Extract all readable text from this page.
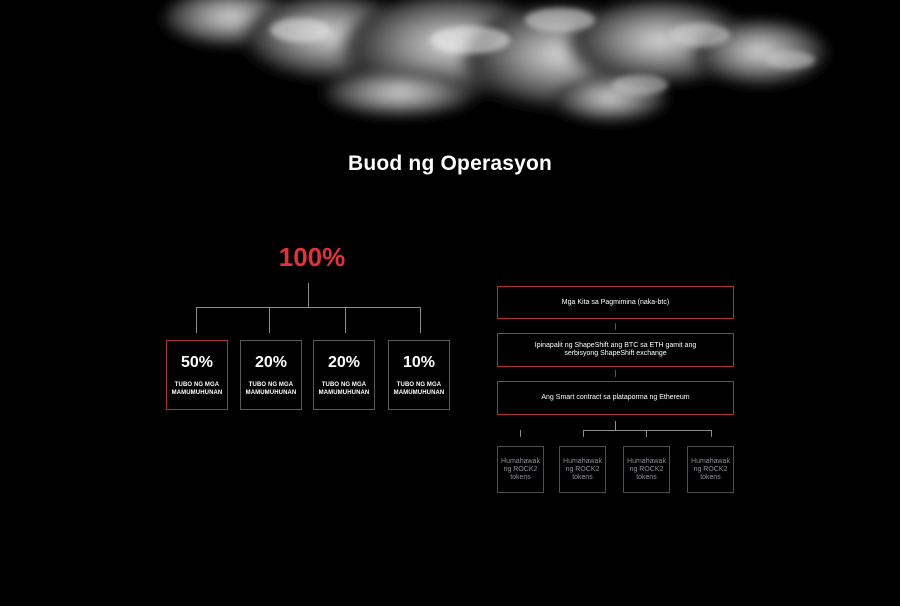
Buod ng Operasyon
100%
50%
TUBO NG MGA MAMUMUHUNAN
20%
TUBO NG MGA MAMUMUHUNAN
20%
TUBO NG MGA MAMUMUHUNAN
10%
TUBO NG MGA MAMUMUHUNAN
Mga Kita sa Pagmimina (naka-btc)
Ipinapalit ng ShapeShift ang BTC sa ETH gamit ang serbisyong ShapeShift exchange
Ang Smart contract sa plataporma ng Ethereum
Humahawak ng ROCK2 tokens
Humahawak ng ROCK2 tokens
Humahawak ng ROCK2 tokens
Humahawak ng ROCK2 tokens
